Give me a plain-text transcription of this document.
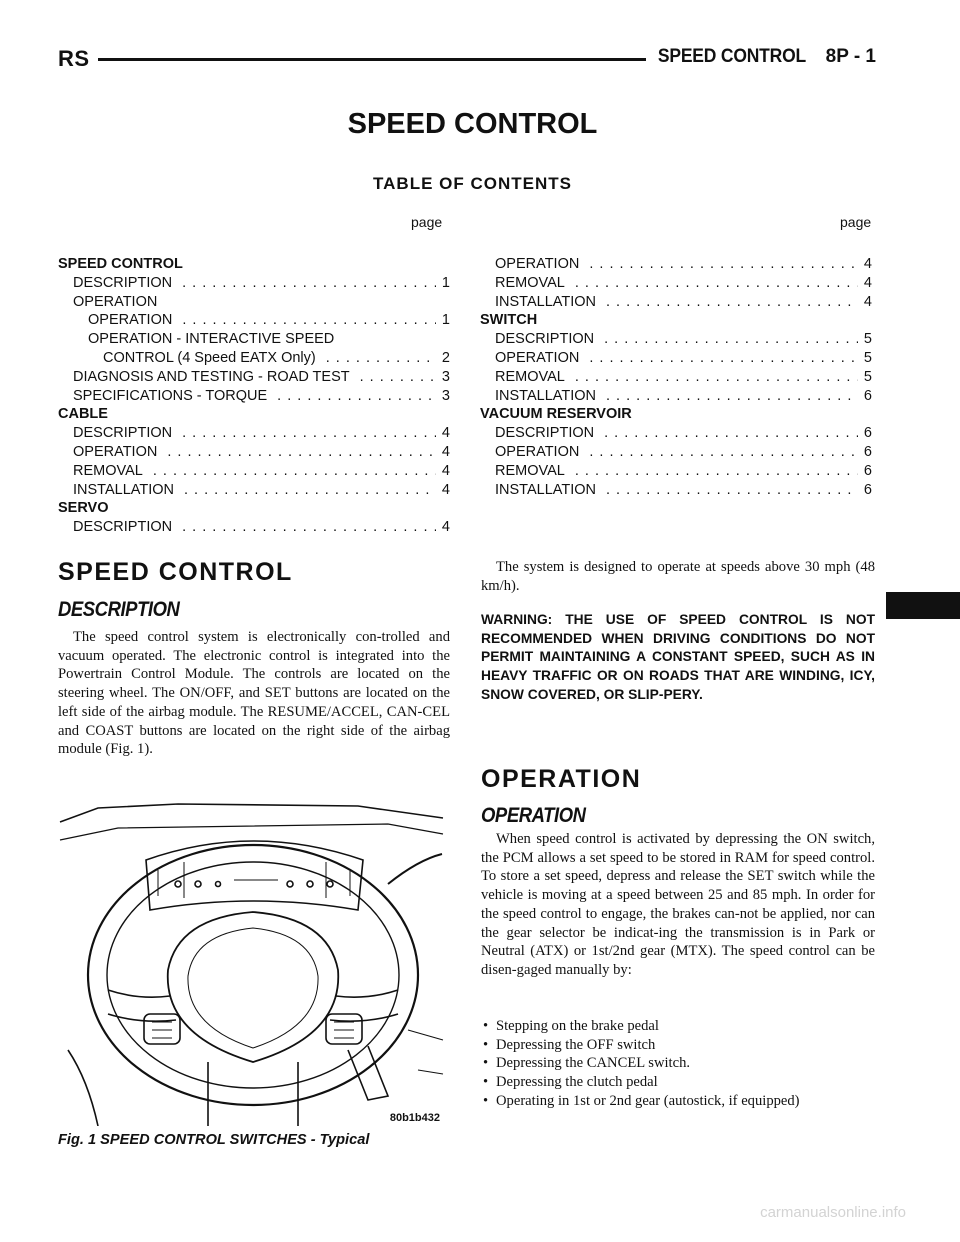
RS	SPEED CONTROL 8P - 1
SPEED CONTROL
TABLE OF CONTENTS
page	page
SPEED CONTROL
DESCRIPTION . . .	1
OPERATION
OPERATION . . .	1
OPERATION - INTERACTIVE SPEED
CONTROL (4 Speed EATX Only) . . .	2
DIAGNOSIS AND TESTING - ROAD TEST . . .	3
SPECIFICATIONS - TORQUE . . .	3
CABLE
DESCRIPTION . . .	4
OPERATION . . .	4
REMOVAL . . .	4
INSTALLATION . . .	4
SERVO
DESCRIPTION . . .	4
OPERATION . . .	4
REMOVAL . . .	4
INSTALLATION . . .	4
SWITCH
DESCRIPTION . . .	5
OPERATION . . .	5
REMOVAL . . .	5
INSTALLATION . . .	6
VACUUM RESERVOIR
DESCRIPTION . . .	6
OPERATION . . .	6
REMOVAL . . .	6
INSTALLATION . . .	6
SPEED CONTROL
DESCRIPTION
The speed control system is electronically con-trolled and vacuum operated. The electronic control is integrated into the Powertrain Control Module. The controls are located on the steering wheel. The ON/OFF, and SET buttons are located on the left side of the airbag module. The RESUME/ACCEL, CAN-CEL and COAST buttons are located on the right side of the airbag module (Fig. 1).
80b1b432
Fig. 1 SPEED CONTROL SWITCHES - Typical
The system is designed to operate at speeds above 30 mph (48 km/h).
WARNING: THE USE OF SPEED CONTROL IS NOT RECOMMENDED WHEN DRIVING CONDITIONS DO NOT PERMIT MAINTAINING A CONSTANT SPEED, SUCH AS IN HEAVY TRAFFIC OR ON ROADS THAT ARE WINDING, ICY, SNOW COVERED, OR SLIP-PERY.
OPERATION
OPERATION
When speed control is activated by depressing the ON switch, the PCM allows a set speed to be stored in RAM for speed control. To store a set speed, depress and release the SET switch while the vehicle is moving at a speed between 25 and 85 mph. In order for the speed control to engage, the brakes can-not be applied, nor can the gear selector be indicat-ing the transmission is in Park or Neutral (ATX) or 1st/2nd gear (MTX). The speed control can be disen-gaged manually by:
• Stepping on the brake pedal
• Depressing the OFF switch
• Depressing the CANCEL switch.
• Depressing the clutch pedal
• Operating in 1st or 2nd gear (autostick, if equipped)
carmanualsonline.info
